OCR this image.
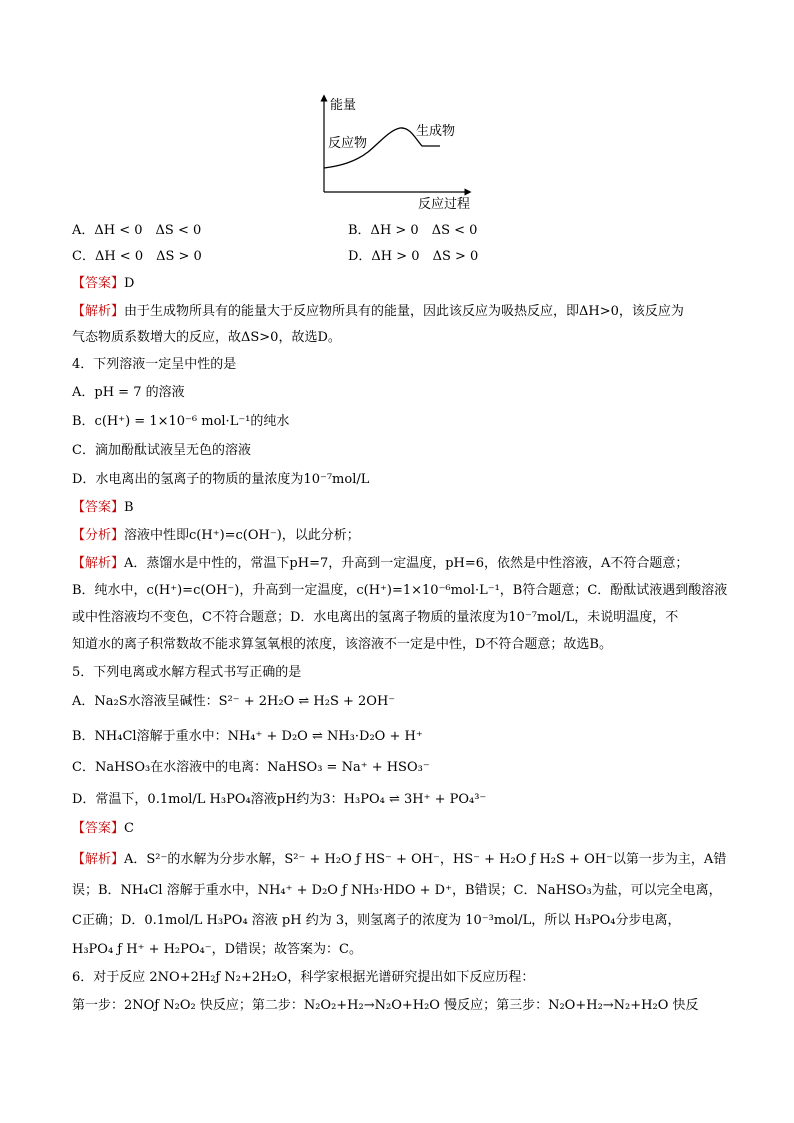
能量
反应物
生成物
反应过程
A．ΔH < 0　ΔS < 0	B．ΔH > 0　ΔS < 0
C．ΔH < 0　ΔS > 0	D．ΔH > 0　ΔS > 0
【答案】D
【解析】由于生成物所具有的能量大于反应物所具有的能量，因此该反应为吸热反应，即ΔH>0，该反应为
气态物质系数增大的反应，故ΔS>0，故选D。
4．下列溶液一定呈中性的是
A．pH = 7 的溶液
B．c(H⁺) = 1×10⁻⁶ mol·L⁻¹的纯水
C．滴加酚酞试液呈无色的溶液
D．水电离出的氢离子的物质的量浓度为10⁻⁷mol/L
【答案】B
【分析】溶液中性即c(H⁺)=c(OH⁻)，以此分析；
【解析】A．蒸馏水是中性的，常温下pH=7，升高到一定温度，pH=6，依然是中性溶液，A不符合题意；
B．纯水中，c(H⁺)=c(OH⁻)，升高到一定温度，c(H⁺)=1×10⁻⁶mol·L⁻¹，B符合题意；C．酚酞试液遇到酸溶液
或中性溶液均不变色，C不符合题意；D．水电离出的氢离子物质的量浓度为10⁻⁷mol/L，未说明温度，不
知道水的离子积常数故不能求算氢氧根的浓度，该溶液不一定是中性，D不符合题意；故选B。
5．下列电离或水解方程式书写正确的是
A．Na₂S水溶液呈碱性：S²⁻ + 2H₂O ⇌ H₂S + 2OH⁻
B．NH₄Cl溶解于重水中：NH₄⁺ + D₂O ⇌ NH₃·D₂O + H⁺
C．NaHSO₃在水溶液中的电离：NaHSO₃ = Na⁺ + HSO₃⁻
D．常温下，0.1mol/L H₃PO₄溶液pH约为3：H₃PO₄ ⇌ 3H⁺ + PO₄³⁻
【答案】C
【解析】A．S²⁻的水解为分步水解，S²⁻ + H₂O ƒ HS⁻ + OH⁻，HS⁻ + H₂O ƒ H₂S + OH⁻以第一步为主，A错
误；B．NH₄Cl 溶解于重水中，NH₄⁺ + D₂O ƒ NH₃·HDO + D⁺，B错误；C．NaHSO₃为盐，可以完全电离，
C正确；D．0.1mol/L H₃PO₄ 溶液 pH 约为 3，则氢离子的浓度为 10⁻³mol/L，所以 H₃PO₄分步电离，
H₃PO₄ ƒ H⁺ + H₂PO₄⁻，D错误；故答案为：C。
6．对于反应 2NO+2H₂ƒ N₂+2H₂O，科学家根据光谱研究提出如下反应历程：
第一步：2NOƒ N₂O₂ 快反应；第二步：N₂O₂+H₂→N₂O+H₂O 慢反应；第三步：N₂O+H₂→N₂+H₂O 快反
